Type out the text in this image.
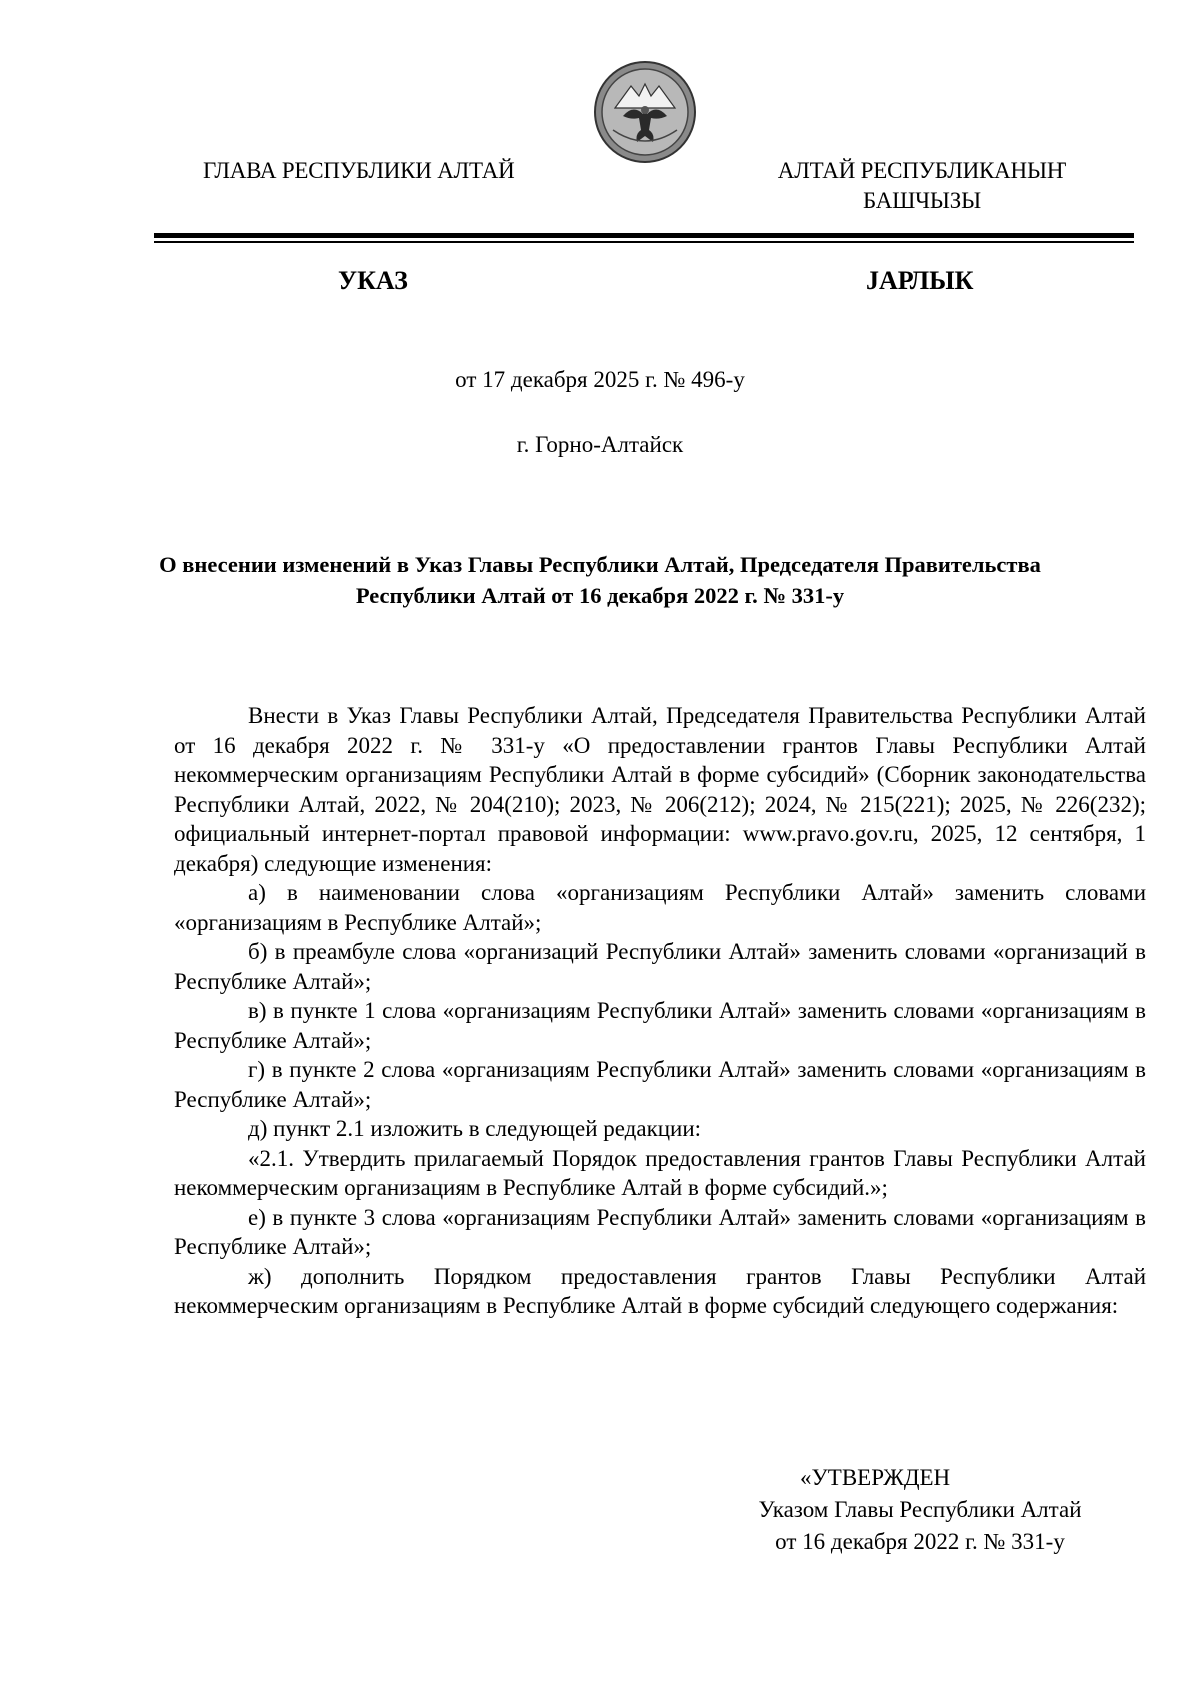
ГЛАВА РЕСПУБЛИКИ АЛТАЙ	АЛТАЙ РЕСПУБЛИКАНЫҤ
БАШЧЫЗЫ
УКАЗ	JАРЛЫК
от 17 декабря 2025 г. № 496-у
г. Горно-Алтайск
О внесении изменений в Указ Главы Республики Алтай, Председателя Правительства
Республики Алтай от 16 декабря 2022 г. № 331-у

Внести в Указ Главы Республики Алтай, Председателя Правительства Республики Алтай от 16 декабря 2022 г. № 331-у «О предоставлении грантов Главы Республики Алтай некоммерческим организациям Республики Алтай в форме субсидий» (Сборник законодательства Республики Алтай, 2022, № 204(210); 2023, № 206(212); 2024, № 215(221); 2025, № 226(232); официальный интернет-портал правовой информации: www.pravo.gov.ru, 2025, 12 сентября, 1 декабря) следующие изменения:

а) в наименовании слова «организациям Республики Алтай» заменить словами «организациям в Республике Алтай»;

б) в преамбуле слова «организаций Республики Алтай» заменить словами «организаций в Республике Алтай»;

в) в пункте 1 слова «организациям Республики Алтай» заменить словами «организациям в Республике Алтай»;

г) в пункте 2 слова «организациям Республики Алтай» заменить словами «организациям в Республике Алтай»;

д) пункт 2.1 изложить в следующей редакции:

«2.1. Утвердить прилагаемый Порядок предоставления грантов Главы Республики Алтай некоммерческим организациям в Республике Алтай в форме субсидий.»;

е) в пункте 3 слова «организациям Республики Алтай» заменить словами «организациям в Республике Алтай»;

ж) дополнить Порядком предоставления грантов Главы Республики Алтай некоммерческим организациям в Республике Алтай в форме субсидий следующего содержания:

«УТВЕРЖДЕН
Указом Главы Республики Алтай
от 16 декабря 2022 г. № 331-у
